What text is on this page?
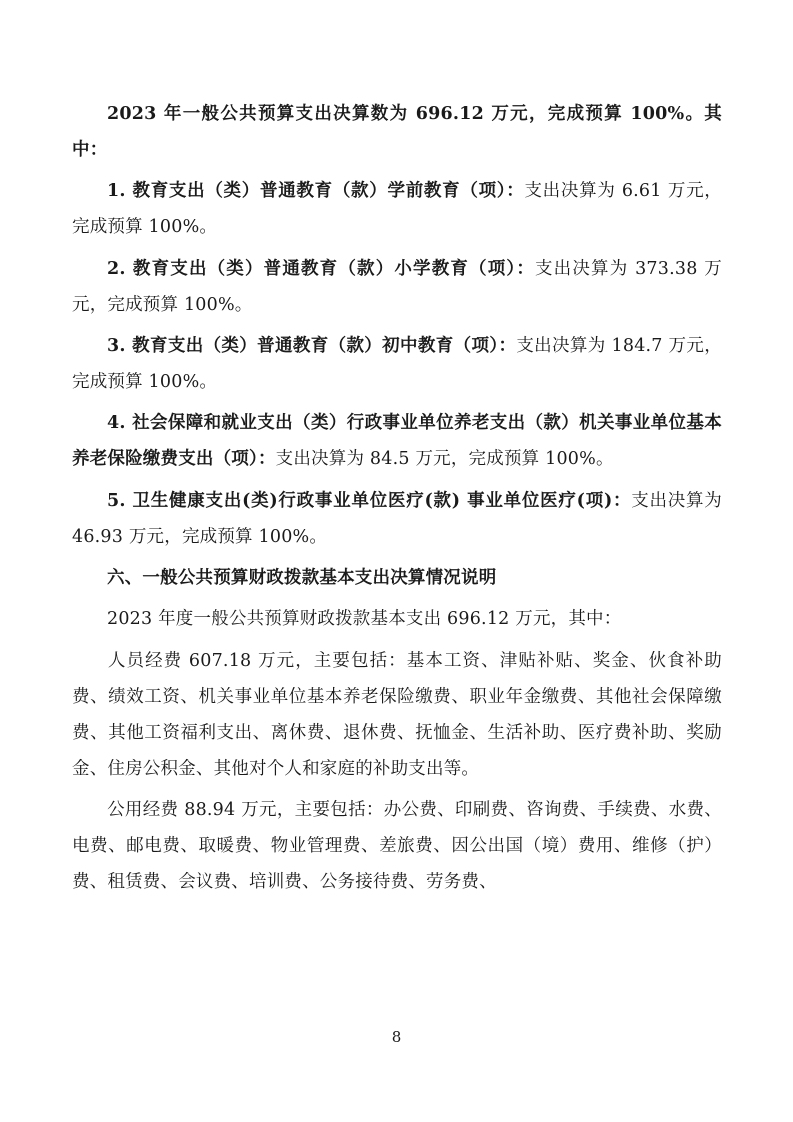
2023 年一般公共预算支出决算数为 696.12 万元，完成预算 100%。其中：

1. 教育支出（类）普通教育（款）学前教育（项）：支出决算为 6.61 万元，完成预算 100%。

2. 教育支出（类）普通教育（款）小学教育（项）：支出决算为 373.38 万元，完成预算 100%。

3. 教育支出（类）普通教育（款）初中教育（项）：支出决算为 184.7 万元，完成预算 100%。

4. 社会保障和就业支出（类）行政事业单位养老支出（款）机关事业单位基本养老保险缴费支出（项）：支出决算为 84.5 万元，完成预算 100%。

5. 卫生健康支出(类)行政事业单位医疗(款) 事业单位医疗(项)：支出决算为 46.93 万元，完成预算 100%。

六、一般公共预算财政拨款基本支出决算情况说明

2023 年度一般公共预算财政拨款基本支出 696.12 万元，其中：

人员经费 607.18 万元，主要包括：基本工资、津贴补贴、奖金、伙食补助费、绩效工资、机关事业单位基本养老保险缴费、职业年金缴费、其他社会保障缴费、其他工资福利支出、离休费、退休费、抚恤金、生活补助、医疗费补助、奖励金、住房公积金、其他对个人和家庭的补助支出等。

公用经费 88.94 万元，主要包括：办公费、印刷费、咨询费、手续费、水费、电费、邮电费、取暖费、物业管理费、差旅费、因公出国（境）费用、维修（护）费、租赁费、会议费、培训费、公务接待费、劳务费、

8
